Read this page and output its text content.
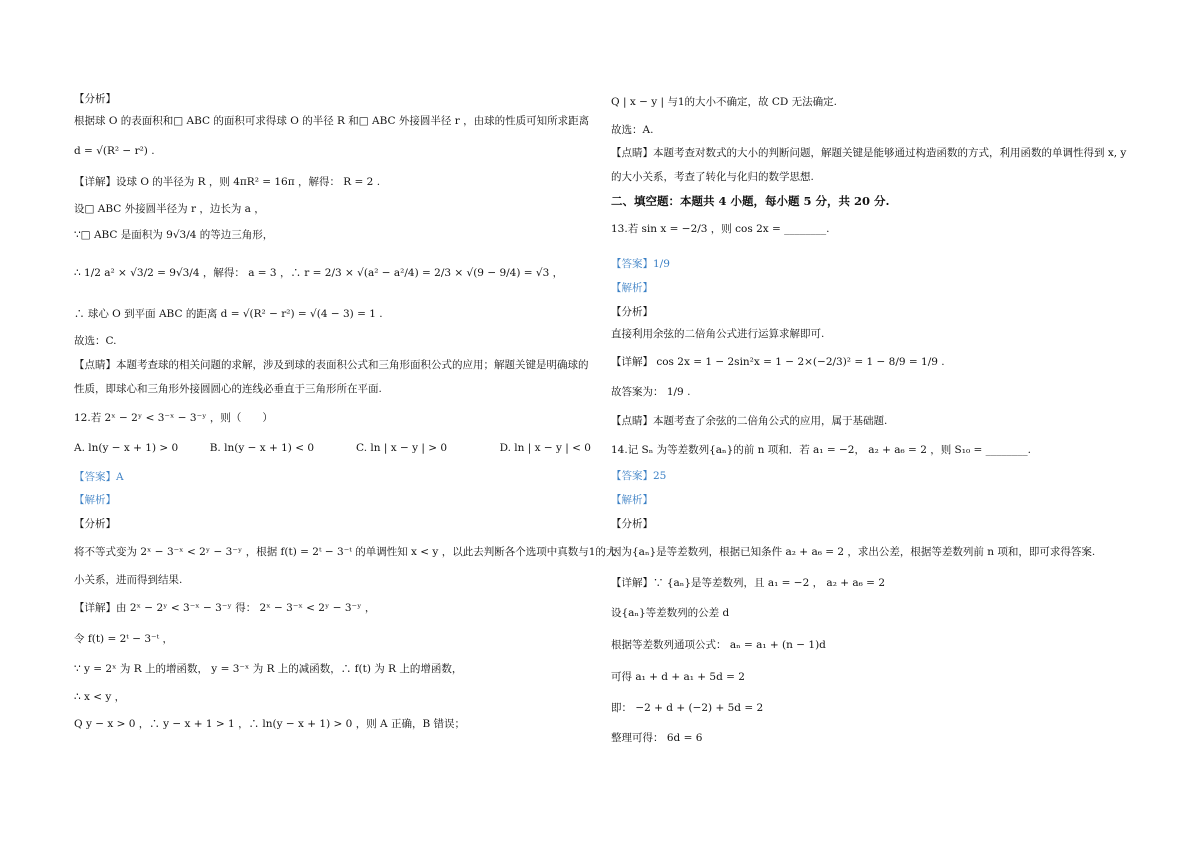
【分析】
根据球 O 的表面积和□ ABC 的面积可求得球 O 的半径 R 和□ ABC 外接圆半径 r ，由球的性质可知所求距离
d = √(R² − r²) .
【详解】设球 O 的半径为 R ，则 4πR² = 16π ，解得： R = 2 .
设□ ABC 外接圆半径为 r ，边长为 a ，
∵□ ABC 是面积为 9√3/4 的等边三角形，
∴ 1/2 a² × √3/2 = 9√3/4 ，解得： a = 3 ，∴ r = 2/3 × √(a² − a²/4) = 2/3 × √(9 − 9/4) = √3 ，
∴ 球心 O 到平面 ABC 的距离 d = √(R² − r²) = √(4 − 3) = 1 .
故选：C.
【点睛】本题考查球的相关问题的求解，涉及到球的表面积公式和三角形面积公式的应用；解题关键是明确球的
性质，即球心和三角形外接圆圆心的连线必垂直于三角形所在平面.
12.若 2ˣ − 2ʸ < 3⁻ˣ − 3⁻ʸ ，则（　　）
A. ln(y − x + 1) > 0　　　B. ln(y − x + 1) < 0　　　　C. ln | x − y | > 0　　　　　D. ln | x − y | < 0
【答案】A
【解析】
【分析】
将不等式变为 2ˣ − 3⁻ˣ < 2ʸ − 3⁻ʸ ，根据 f(t) = 2ᵗ − 3⁻ᵗ 的单调性知 x < y ，以此去判断各个选项中真数与1的大
小关系，进而得到结果.
【详解】由 2ˣ − 2ʸ < 3⁻ˣ − 3⁻ʸ 得： 2ˣ − 3⁻ˣ < 2ʸ − 3⁻ʸ ，
令 f(t) = 2ᵗ − 3⁻ᵗ ，
∵ y = 2ˣ 为 R 上的增函数， y = 3⁻ˣ 为 R 上的减函数，∴ f(t) 为 R 上的增函数，
∴ x < y ，
Q y − x > 0 ，∴ y − x + 1 > 1 ，∴ ln(y − x + 1) > 0 ，则 A 正确，B 错误；
Q | x − y | 与1的大小不确定，故 CD 无法确定.
故选：A.
【点睛】本题考查对数式的大小的判断问题，解题关键是能够通过构造函数的方式，利用函数的单调性得到 x, y
的大小关系，考查了转化与化归的数学思想.
二、填空题：本题共 4 小题，每小题 5 分，共 20 分.
13.若 sin x = −2/3 ，则 cos 2x = ________.
【答案】1/9
【解析】
【分析】
直接利用余弦的二倍角公式进行运算求解即可.
【详解】 cos 2x = 1 − 2sin²x = 1 − 2×(−2/3)² = 1 − 8/9 = 1/9 .
故答案为： 1/9 .
【点睛】本题考查了余弦的二倍角公式的应用，属于基础题.
14.记 Sₙ 为等差数列{aₙ}的前 n 项和．若 a₁ = −2， a₂ + a₆ = 2 ，则 S₁₀ = ________.
【答案】25
【解析】
【分析】
因为{aₙ}是等差数列，根据已知条件 a₂ + a₆ = 2 ，求出公差，根据等差数列前 n 项和，即可求得答案.
【详解】∵ {aₙ}是等差数列，且 a₁ = −2 ， a₂ + a₆ = 2
设{aₙ}等差数列的公差 d
根据等差数列通项公式： aₙ = a₁ + (n − 1)d
可得 a₁ + d + a₁ + 5d = 2
即： −2 + d + (−2) + 5d = 2
整理可得： 6d = 6
